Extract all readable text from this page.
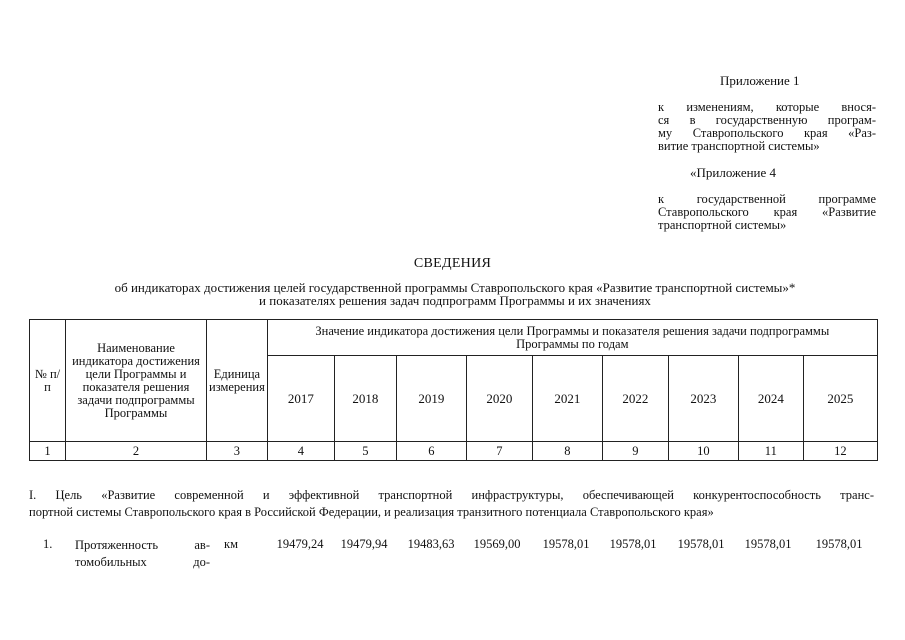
Приложение 1
к изменениям, которые внося-
ся в государственную програм-
му Ставропольского края «Раз-
витие транспортной системы»
«Приложение 4
к государственной программе
Ставропольского края «Развитие
транспортной системы»
СВЕДЕНИЯ
об индикаторах достижения целей государственной программы Ставропольского края «Развитие транспортной системы»*
и показателях решения задач подпрограмм Программы и их значениях
№ п/п	Наименование индикатора достижения цели Программы и показателя решения задачи подпрограммы Программы	Единица измерения	Значение индикатора достижения цели Программы и показателя решения задачи подпрограммы Программы по годам								
			2017	2018	2019	2020	2021	2022	2023	2024	2025
1	2	3	4	5	6	7	8	9	10	11	12
I. Цель «Развитие современной и эффективной транспортной инфраструктуры, обеспечивающей конкурентоспособность транс-
портной системы Ставропольского края в Российской Федерации, и реализация транзитного потенциала Ставропольского края»
1. Протяженность ав-
томобильных до-
км	19479,24	19479,94	19483,63	19569,00	19578,01	19578,01	19578,01	19578,01	19578,01
